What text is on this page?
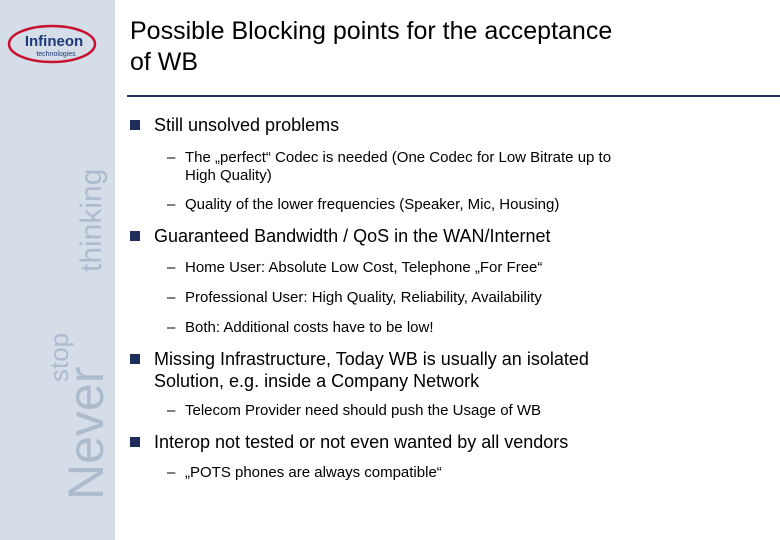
Infineon
technologies
Never
stop
thinking
Possible Blocking points for the acceptance
of WB
Still unsolved problems
– The „perfect“ Codec is needed (One Codec for Low Bitrate up to
High Quality)
– Quality of the lower frequencies (Speaker, Mic, Housing)
Guaranteed Bandwidth / QoS in the WAN/Internet
– Home User: Absolute Low Cost, Telephone „For Free“
– Professional User: High Quality, Reliability, Availability
– Both: Additional costs have to be low!
Missing Infrastructure, Today WB is usually an isolated
Solution, e.g. inside a Company Network
– Telecom Provider need should push the Usage of WB
Interop not tested or not even wanted by all vendors
– „POTS phones are always compatible“
